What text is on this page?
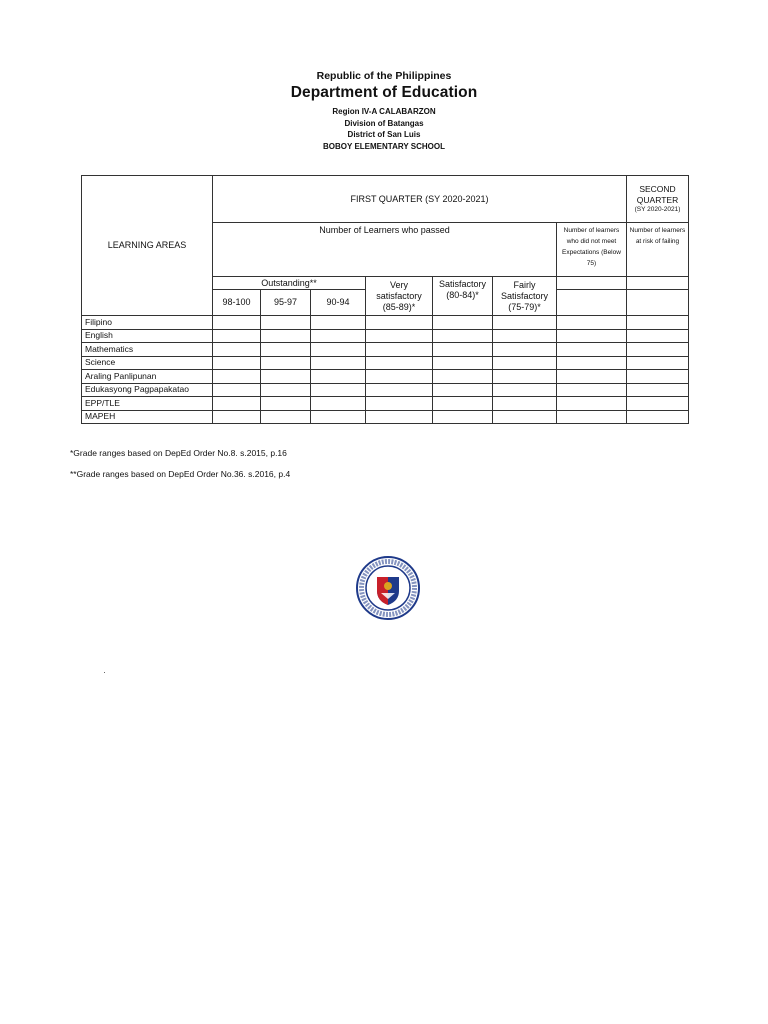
Republic of the Philippines
Department of Education
Region IV-A CALABARZON
Division of Batangas
District of San Luis
BOBOY ELEMENTARY SCHOOL
LEARNING AREAS	FIRST QUARTER (SY 2020-2021)							SECOND QUARTER
(SY 2020-2021)

	Number of Learners who passed						Number of learners who did not meet Expectations (Below 75)	Number of learners at risk of failing
	Outstanding**			Very satisfactory (85-89)*	Satisfactory (80-84)*	Fairly Satisfactory (75-79)*		
	98-100	95-97	90-94					
Filipino								
English								
Mathematics								
Science								
Araling Panlipunan								
Edukasyong Pagpapakatao								
EPP/TLE								
MAPEH								
*Grade ranges based on DepEd Order No.8. s.2015, p.16
**Grade ranges based on DepEd Order No.36. s.2016, p.4
